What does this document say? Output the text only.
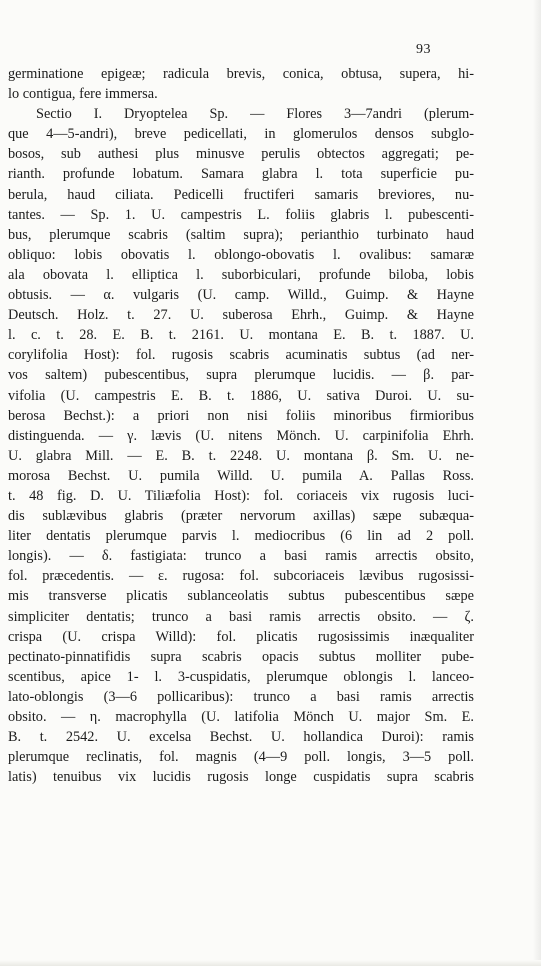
93
germinatione epigeæ; radicula brevis, conica, obtusa, supera, hi-
lo contigua, fere immersa.
Sectio I. Dryoptelea Sp. — Flores 3—7andri (plerum-
que 4—5-andri), breve pedicellati, in glomerulos densos subglo-
bosos, sub authesi plus minusve perulis obtectos aggregati; pe-
rianth. profunde lobatum. Samara glabra l. tota superficie pu-
berula, haud ciliata. Pedicelli fructiferi samaris breviores, nu-
tantes. — Sp. 1. U. campestris L. foliis glabris l. pubescenti-
bus, plerumque scabris (saltim supra); perianthio turbinato haud
obliquo: lobis obovatis l. oblongo-obovatis l. ovalibus: samaræ
ala obovata l. elliptica l. suborbiculari, profunde biloba, lobis
obtusis. — α. vulgaris (U. camp. Willd., Guimp. & Hayne
Deutsch. Holz. t. 27. U. suberosa Ehrh., Guimp. & Hayne
l. c. t. 28. E. B. t. 2161. U. montana E. B. t. 1887. U.
corylifolia Host): fol. rugosis scabris acuminatis subtus (ad ner-
vos saltem) pubescentibus, supra plerumque lucidis. — β. par-
vifolia (U. campestris E. B. t. 1886, U. sativa Duroi. U. su-
berosa Bechst.): a priori non nisi foliis minoribus firmioribus
distinguenda. — γ. lævis (U. nitens Mönch. U. carpinifolia Ehrh.
U. glabra Mill. — E. B. t. 2248. U. montana β. Sm. U. ne-
morosa Bechst. U. pumila Willd. U. pumila A. Pallas Ross.
t. 48 fig. D. U. Tiliæfolia Host): fol. coriaceis vix rugosis luci-
dis sublævibus glabris (præter nervorum axillas) sæpe subæqua-
liter dentatis plerumque parvis l. mediocribus (6 lin ad 2 poll.
longis). — δ. fastigiata: trunco a basi ramis arrectis obsito,
fol. præcedentis. — ε. rugosa: fol. subcoriaceis lævibus rugosissi-
mis transverse plicatis sublanceolatis subtus pubescentibus sæpe
simpliciter dentatis; trunco a basi ramis arrectis obsito. — ζ.
crispa (U. crispa Willd): fol. plicatis rugosissimis inæqualiter
pectinato-pinnatifidis supra scabris opacis subtus molliter pube-
scentibus, apice 1- l. 3-cuspidatis, plerumque oblongis l. lanceo-
lato-oblongis (3—6 pollicaribus): trunco a basi ramis arrectis
obsito. — η. macrophylla (U. latifolia Mönch U. major Sm. E.
B. t. 2542. U. excelsa Bechst. U. hollandica Duroi): ramis
plerumque reclinatis, fol. magnis (4—9 poll. longis, 3—5 poll.
latis) tenuibus vix lucidis rugosis longe cuspidatis supra scabris
